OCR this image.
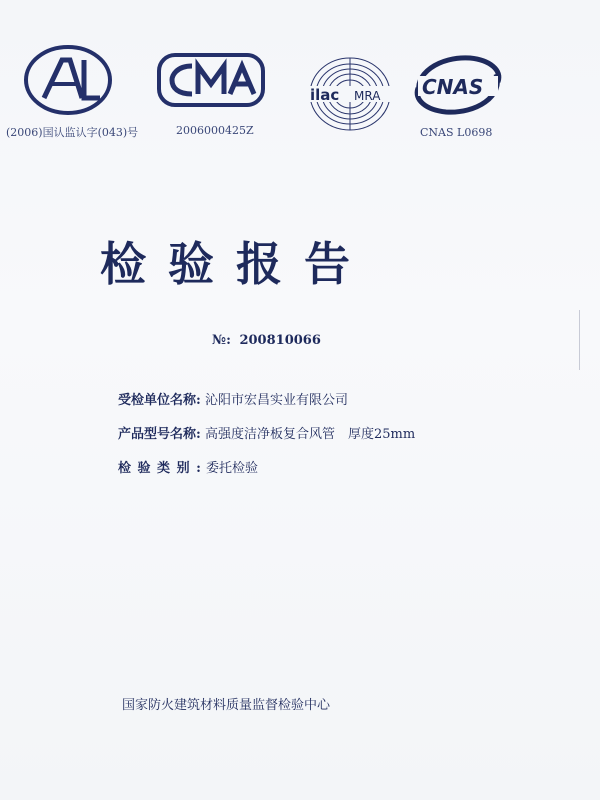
(2006)国认监认字(043)号	2006000425Z
ilac MRA CNAS
CNAS L0698
检验报告
№: 200810066
受检单位名称: 沁阳市宏昌实业有限公司
产品型号名称: 高强度洁净板复合风管　厚度25mm
检 验 类 别 : 委托检验
国家防火建筑材料质量监督检验中心
